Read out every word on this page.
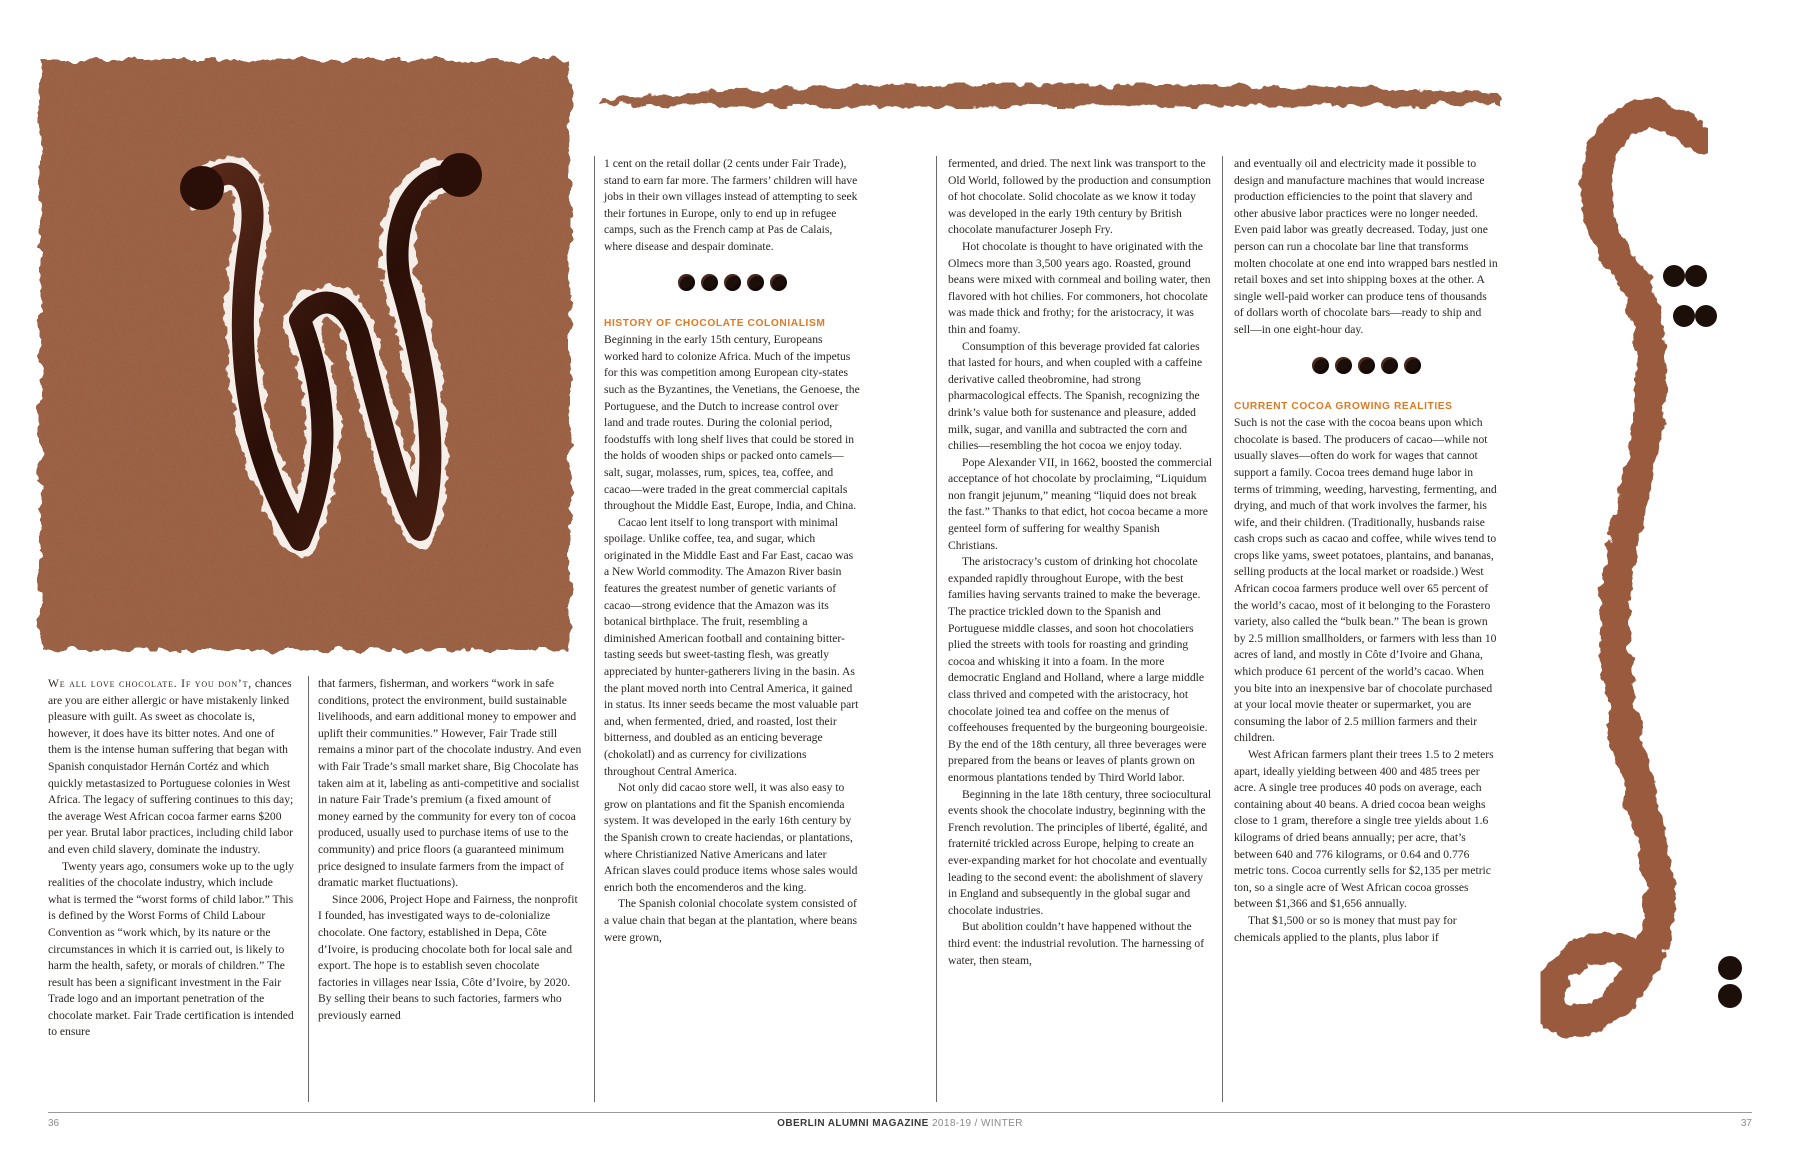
We all love chocolate. If you don’t, chances are you are either allergic or have mistakenly linked pleasure with guilt. As sweet as chocolate is, however, it does have its bitter notes. And one of them is the intense human suffering that began with Spanish conquistador Hernán Cortéz and which quickly metastasized to Portuguese colonies in West Africa. The legacy of suffering continues to this day; the average West African cocoa farmer earns $200 per year. Brutal labor practices, including child labor and even child slavery, dominate the industry.

Twenty years ago, consumers woke up to the ugly realities of the chocolate industry, which include what is termed the “worst forms of child labor.” This is defined by the Worst Forms of Child Labour Convention as “work which, by its nature or the circumstances in which it is carried out, is likely to harm the health, safety, or morals of children.” The result has been a significant investment in the Fair Trade logo and an important penetration of the chocolate market. Fair Trade certification is intended to ensure

that farmers, fisherman, and workers “work in safe conditions, protect the environment, build sustainable livelihoods, and earn additional money to empower and uplift their communities.” However, Fair Trade still remains a minor part of the chocolate industry. And even with Fair Trade’s small market share, Big Chocolate has taken aim at it, labeling as anti-competitive and socialist in nature Fair Trade’s premium (a fixed amount of money earned by the community for every ton of cocoa produced, usually used to purchase items of use to the community) and price floors (a guaranteed minimum price designed to insulate farmers from the impact of dramatic market fluctuations).

Since 2006, Project Hope and Fairness, the nonprofit I founded, has investigated ways to de-colonialize chocolate. One factory, established in Depa, Côte d’Ivoire, is producing chocolate both for local sale and export. The hope is to establish seven chocolate factories in villages near Issia, Côte d’Ivoire, by 2020. By selling their beans to such factories, farmers who previously earned

1 cent on the retail dollar (2 cents under Fair Trade), stand to earn far more. The farmers’ children will have jobs in their own villages instead of attempting to seek their fortunes in Europe, only to end up in refugee camps, such as the French camp at Pas de Calais, where disease and despair dominate.

HISTORY OF CHOCOLATE COLONIALISM

Beginning in the early 15th century, Europeans worked hard to colonize Africa. Much of the impetus for this was competition among European city-states such as the Byzantines, the Venetians, the Genoese, the Portuguese, and the Dutch to increase control over land and trade routes. During the colonial period, foodstuffs with long shelf lives that could be stored in the holds of wooden ships or packed onto camels—salt, sugar, molasses, rum, spices, tea, coffee, and cacao—were traded in the great commercial capitals throughout the Middle East, Europe, India, and China.

Cacao lent itself to long transport with minimal spoilage. Unlike coffee, tea, and sugar, which originated in the Middle East and Far East, cacao was a New World commodity. The Amazon River basin features the greatest number of genetic variants of cacao—strong evidence that the Amazon was its botanical birthplace. The fruit, resembling a diminished American football and containing bitter-tasting seeds but sweet-tasting flesh, was greatly appreciated by hunter-gatherers living in the basin. As the plant moved north into Central America, it gained in status. Its inner seeds became the most valuable part and, when fermented, dried, and roasted, lost their bitterness, and doubled as an enticing beverage (chokolatl) and as currency for civilizations throughout Central America.

Not only did cacao store well, it was also easy to grow on plantations and fit the Spanish encomienda system. It was developed in the early 16th century by the Spanish crown to create haciendas, or plantations, where Christianized Native Americans and later African slaves could produce items whose sales would enrich both the encomenderos and the king.

The Spanish colonial chocolate system consisted of a value chain that began at the plantation, where beans were grown,

fermented, and dried. The next link was transport to the Old World, followed by the production and consumption of hot chocolate. Solid chocolate as we know it today was developed in the early 19th century by British chocolate manufacturer Joseph Fry.

Hot chocolate is thought to have originated with the Olmecs more than 3,500 years ago. Roasted, ground beans were mixed with cornmeal and boiling water, then flavored with hot chilies. For commoners, hot chocolate was made thick and frothy; for the aristocracy, it was thin and foamy.

Consumption of this beverage provided fat calories that lasted for hours, and when coupled with a caffeine derivative called theobromine, had strong pharmacological effects. The Spanish, recognizing the drink’s value both for sustenance and pleasure, added milk, sugar, and vanilla and subtracted the corn and chilies—resembling the hot cocoa we enjoy today.

Pope Alexander VII, in 1662, boosted the commercial acceptance of hot chocolate by proclaiming, “Liquidum non frangit jejunum,” meaning “liquid does not break the fast.” Thanks to that edict, hot cocoa became a more genteel form of suffering for wealthy Spanish Christians.

The aristocracy’s custom of drinking hot chocolate expanded rapidly throughout Europe, with the best families having servants trained to make the beverage. The practice trickled down to the Spanish and Portuguese middle classes, and soon hot chocolatiers plied the streets with tools for roasting and grinding cocoa and whisking it into a foam. In the more democratic England and Holland, where a large middle class thrived and competed with the aristocracy, hot chocolate joined tea and coffee on the menus of coffeehouses frequented by the burgeoning bourgeoisie. By the end of the 18th century, all three beverages were prepared from the beans or leaves of plants grown on enormous plantations tended by Third World labor.

Beginning in the late 18th century, three sociocultural events shook the chocolate industry, beginning with the French revolution. The principles of liberté, égalité, and fraternité trickled across Europe, helping to create an ever-expanding market for hot chocolate and eventually leading to the second event: the abolishment of slavery in England and subsequently in the global sugar and chocolate industries.

But abolition couldn’t have happened without the third event: the industrial revolution. The harnessing of water, then steam,

and eventually oil and electricity made it possible to design and manufacture machines that would increase production efficiencies to the point that slavery and other abusive labor practices were no longer needed. Even paid labor was greatly decreased. Today, just one person can run a chocolate bar line that transforms molten chocolate at one end into wrapped bars nestled in retail boxes and set into shipping boxes at the other. A single well-paid worker can produce tens of thousands of dollars worth of chocolate bars—ready to ship and sell—in one eight-hour day.

CURRENT COCOA GROWING REALITIES

Such is not the case with the cocoa beans upon which chocolate is based. The producers of cacao—while not usually slaves—often do work for wages that cannot support a family. Cocoa trees demand huge labor in terms of trimming, weeding, harvesting, fermenting, and drying, and much of that work involves the farmer, his wife, and their children. (Traditionally, husbands raise cash crops such as cacao and coffee, while wives tend to crops like yams, sweet potatoes, plantains, and bananas, selling products at the local market or roadside.) West African cocoa farmers produce well over 65 percent of the world’s cacao, most of it belonging to the Forastero variety, also called the “bulk bean.” The bean is grown by 2.5 million smallholders, or farmers with less than 10 acres of land, and mostly in Côte d’Ivoire and Ghana, which produce 61 percent of the world’s cacao. When you bite into an inexpensive bar of chocolate purchased at your local movie theater or supermarket, you are consuming the labor of 2.5 million farmers and their children.

West African farmers plant their trees 1.5 to 2 meters apart, ideally yielding between 400 and 485 trees per acre. A single tree produces 40 pods on average, each containing about 40 beans. A dried cocoa bean weighs close to 1 gram, therefore a single tree yields about 1.6 kilograms of dried beans annually; per acre, that’s between 640 and 776 kilograms, or 0.64 and 0.776 metric tons. Cocoa currently sells for $2,135 per metric ton, so a single acre of West African cocoa grosses between $1,366 and $1,656 annually.

That $1,500 or so is money that must pay for chemicals applied to the plants, plus labor if

36	OBERLIN ALUMNI MAGAZINE 2018-19 / WINTER	37
